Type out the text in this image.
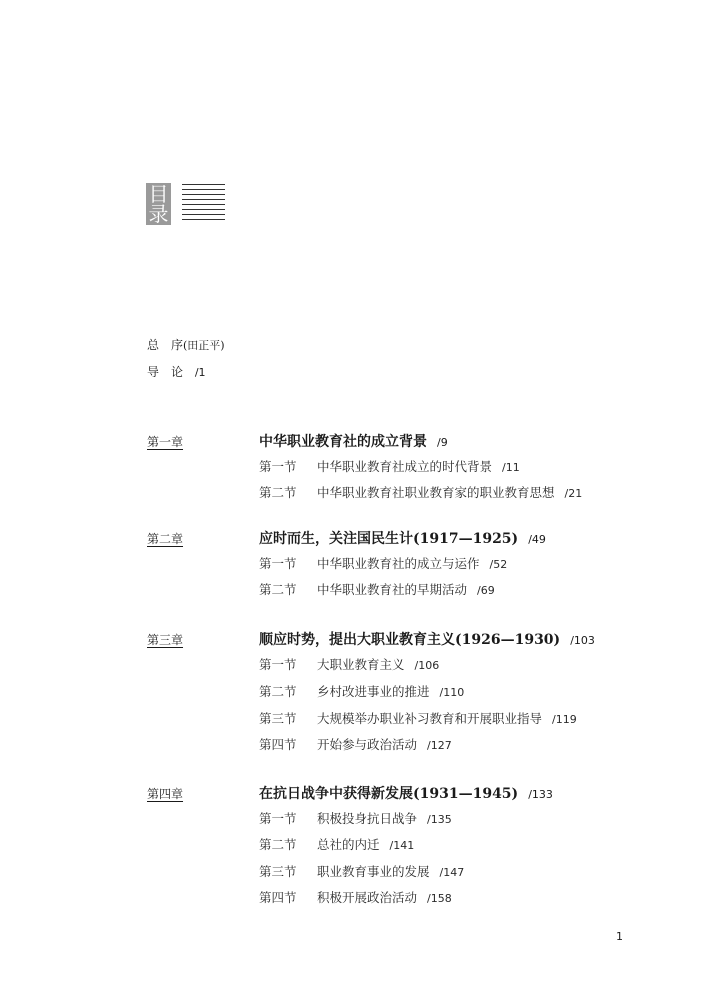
目
录
总　序(田正平)
导　论 /1
第一章	中华职业教育社的成立背景 /9
第一节 中华职业教育社成立的时代背景 /11
第二节 中华职业教育社职业教育家的职业教育思想 /21
第二章	应时而生，关注国民生计(1917—1925) /49
第一节 中华职业教育社的成立与运作 /52
第二节 中华职业教育社的早期活动 /69
第三章	顺应时势，提出大职业教育主义(1926—1930) /103
第一节 大职业教育主义 /106
第二节 乡村改进事业的推进 /110
第三节 大规模举办职业补习教育和开展职业指导 /119
第四节 开始参与政治活动 /127
第四章	在抗日战争中获得新发展(1931—1945) /133
第一节 积极投身抗日战争 /135
第二节 总社的内迁 /141
第三节 职业教育事业的发展 /147
第四节 积极开展政治活动 /158
1
